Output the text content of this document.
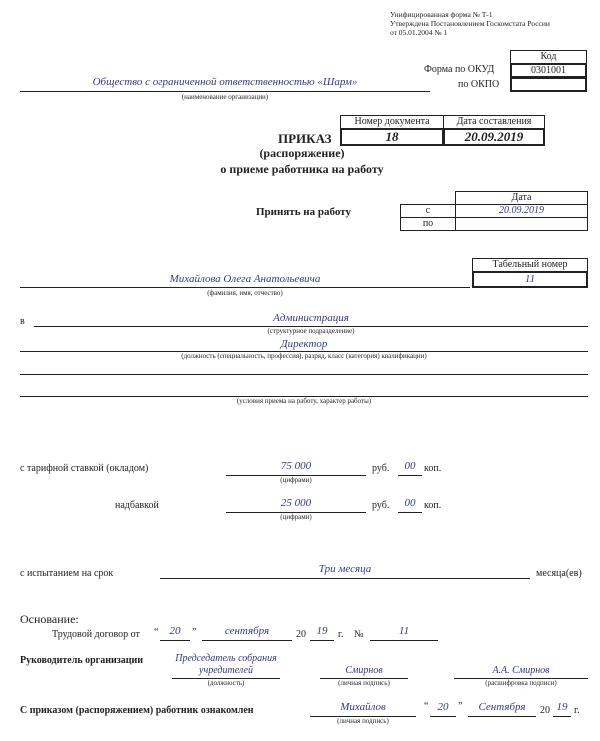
Унифицированная форма № Т-1
Утверждена Постановлением Госкомстата России
от 05.01.2004 № 1
Код
0301001
Форма по ОКУД
по ОКПО
Общество с ограниченной ответственностью «Шарм»
(наименование организации)
Номер документа	Дата составления
18	20.09.2019
ПРИКАЗ
(распоряжение)
о приеме работника на работу
Принять на работу
Дата
с	20.09.2019
по
Табельный номер
11
Михайлова Олега Анатольевича
(фамилия, имя, отчество)
в	Администрация
(структурное подразделение)
Директор
(должность (специальность, профессия), разряд, класс (категория) квалификации)
(условия приема на работу, характер работы)
с тарифной ставкой (окладом)	75 000
(цифрами)
руб.	00 коп.
надбавкой	25 000
(цифрами)
руб.	00 коп.
с испытанием на срок	Три месяца	месяца(ев)
Основание:
Трудовой договор от “	20	”	сентября	20 19	г. №	11
Руководитель организации	Председатель собрания
учредителей
(должность)
Смирнов
(личная подпись)
А.А. Смирнов
(расшифровка подписи)
С приказом (распоряжением) работник ознакомлен	Михайлов
(личная подпись)
“ 20 ”	Сентября	20 19 г.
